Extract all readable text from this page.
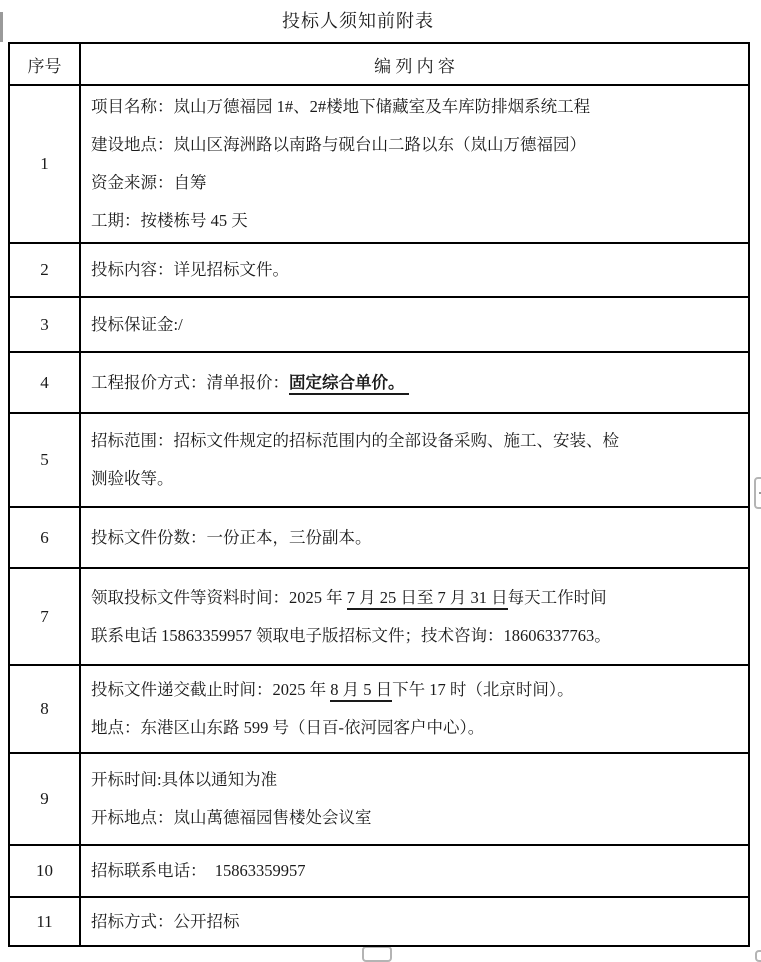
投标人须知前附表
序号	编 列 内 容
1	项目名称：岚山万德福园 1#、2#楼地下储藏室及车库防排烟系统工程
建设地点：岚山区海洲路以南路与砚台山二路以东（岚山万德福园）
资金来源：自筹
工期：按楼栋号 45 天

2	投标内容：详见招标文件。

3	投标保证金:/

4	工程报价方式：清单报价：固定综合单价。

5	招标范围：招标文件规定的招标范围内的全部设备采购、施工、安装、检
测验收等。

6	投标文件份数：一份正本，三份副本。

7	领取投标文件等资料时间：2025 年 7 月 25 日至 7 月 31 日每天工作时间
联系电话 15863359957 领取电子版招标文件；技术咨询：18606337763。

8	投标文件递交截止时间：2025 年 8 月 5 日下午 17 时（北京时间）。
地点：东港区山东路 599 号（日百-依河园客户中心）。

9	开标时间:具体以通知为准
开标地点：岚山萬德福园售楼处会议室

10	招标联系电话：  15863359957

11	招标方式：公开招标
